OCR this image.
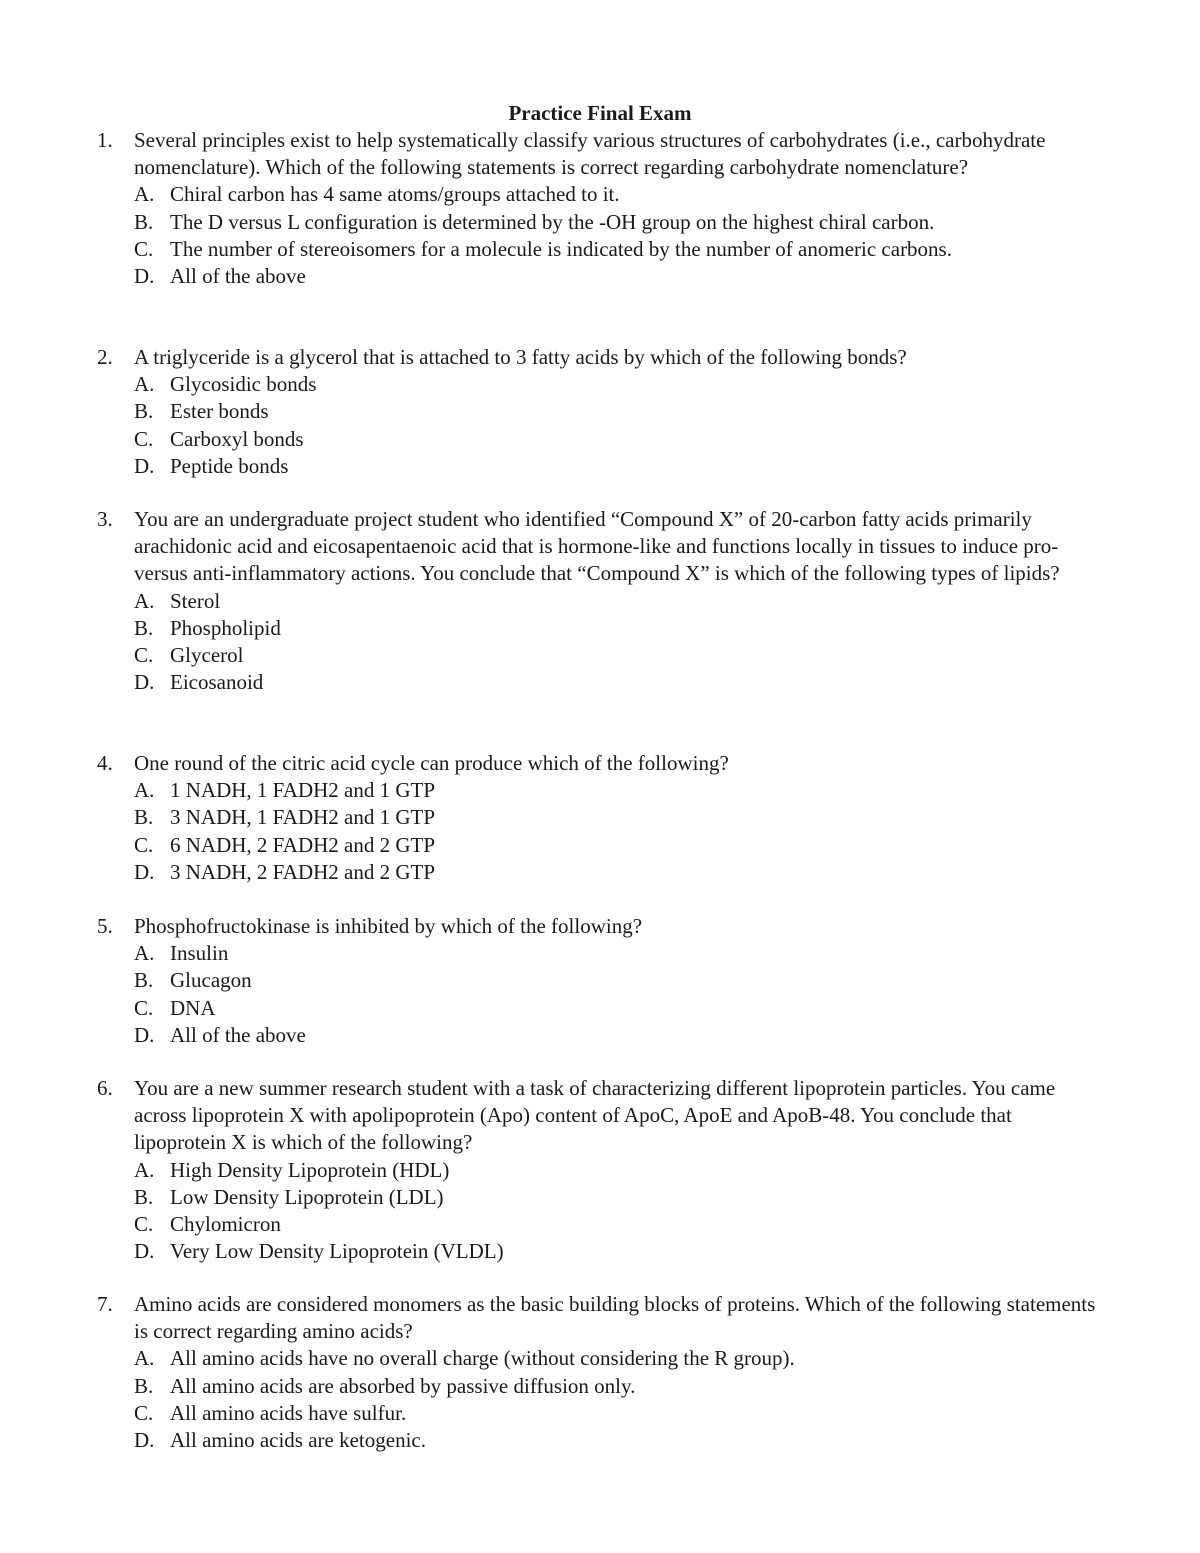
Practice Final Exam
1.	Several principles exist to help systematically classify various structures of carbohydrates (i.e., carbohydrate nomenclature). Which of the following statements is correct regarding carbohydrate nomenclature?
A. Chiral carbon has 4 same atoms/groups attached to it.
B. The D versus L configuration is determined by the -OH group on the highest chiral carbon.
C. The number of stereoisomers for a molecule is indicated by the number of anomeric carbons.
D. All of the above
2.	A triglyceride is a glycerol that is attached to 3 fatty acids by which of the following bonds?
A. Glycosidic bonds
B. Ester bonds
C. Carboxyl bonds
D. Peptide bonds
3.	You are an undergraduate project student who identified “Compound X” of 20-carbon fatty acids primarily arachidonic acid and eicosapentaenoic acid that is hormone-like and functions locally in tissues to induce pro- versus anti-inflammatory actions. You conclude that “Compound X” is which of the following types of lipids?
A. Sterol
B. Phospholipid
C. Glycerol
D. Eicosanoid
4.	One round of the citric acid cycle can produce which of the following?
A. 1 NADH, 1 FADH2 and 1 GTP
B. 3 NADH, 1 FADH2 and 1 GTP
C. 6 NADH, 2 FADH2 and 2 GTP
D. 3 NADH, 2 FADH2 and 2 GTP
5.	Phosphofructokinase is inhibited by which of the following?
A. Insulin
B. Glucagon
C. DNA
D. All of the above
6.	You are a new summer research student with a task of characterizing different lipoprotein particles. You came across lipoprotein X with apolipoprotein (Apo) content of ApoC, ApoE and ApoB-48. You conclude that lipoprotein X is which of the following?
A. High Density Lipoprotein (HDL)
B. Low Density Lipoprotein (LDL)
C. Chylomicron
D. Very Low Density Lipoprotein (VLDL)
7.	Amino acids are considered monomers as the basic building blocks of proteins. Which of the following statements is correct regarding amino acids?
A. All amino acids have no overall charge (without considering the R group).
B. All amino acids are absorbed by passive diffusion only.
C. All amino acids have sulfur.
D. All amino acids are ketogenic.
